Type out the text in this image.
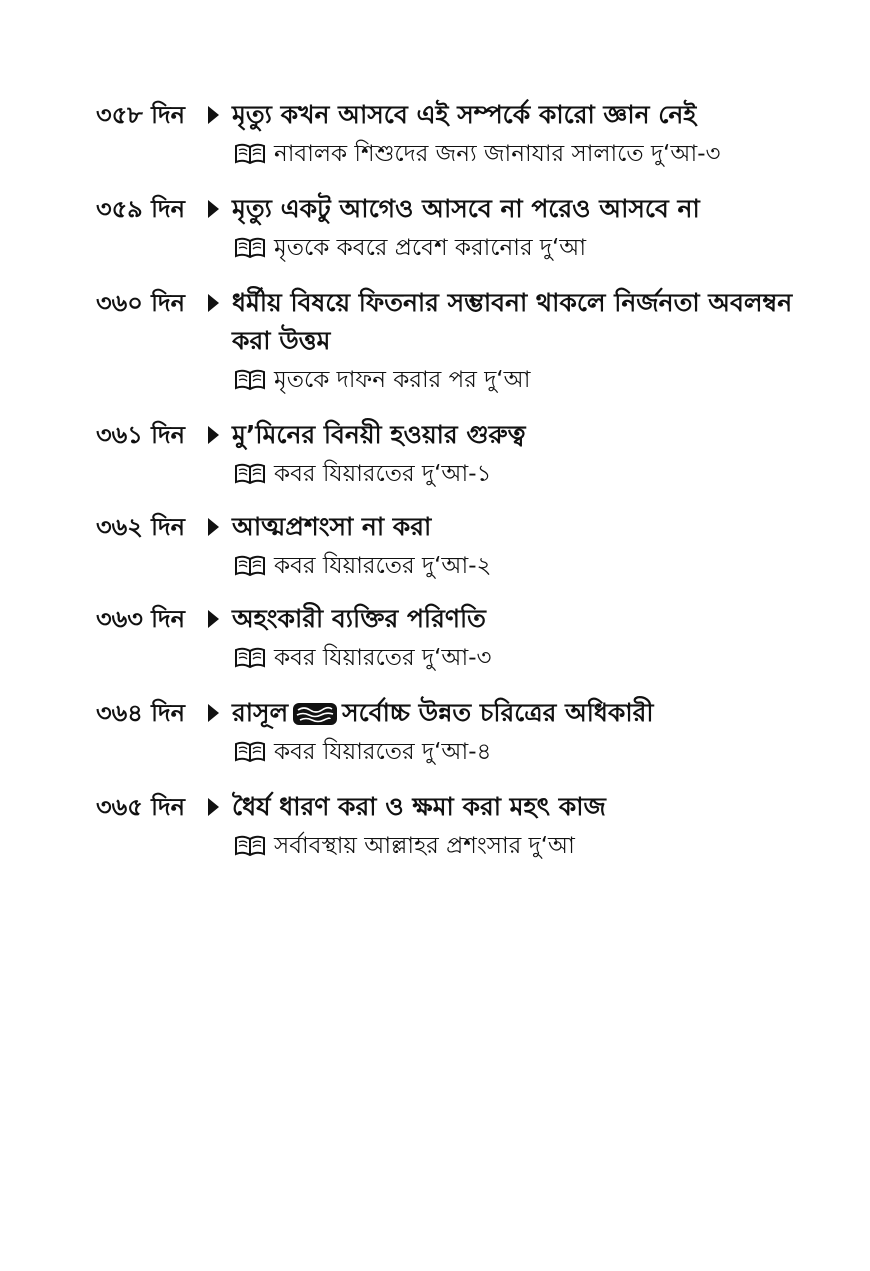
৩৫৮ দিন	মৃত্যু কখন আসবে এই সম্পর্কে কারো জ্ঞান নেই
নাবালক শিশুদের জন্য জানাযার সালাতে দু‘আ-৩
৩৫৯ দিন	মৃত্যু একটু আগেও আসবে না পরেও আসবে না
মৃতকে কবরে প্রবেশ করানোর দু‘আ
৩৬০ দিন	ধর্মীয় বিষয়ে ফিতনার সম্ভাবনা থাকলে নির্জনতা অবলম্বন করা উত্তম
মৃতকে দাফন করার পর দু‘আ
৩৬১ দিন	মু’মিনের বিনয়ী হওয়ার গুরুত্ব
কবর যিয়ারতের দু‘আ-১
৩৬২ দিন	আত্মপ্রশংসা না করা
কবর যিয়ারতের দু‘আ-২
৩৬৩ দিন	অহংকারী ব্যক্তির পরিণতি
কবর যিয়ারতের দু‘আ-৩
৩৬৪ দিন	রাসূল সর্বোচ্চ উন্নত চরিত্রের অধিকারী
কবর যিয়ারতের দু‘আ-৪
৩৬৫ দিন	ধৈর্য ধারণ করা ও ক্ষমা করা মহৎ কাজ
সর্বাবস্থায় আল্লাহর প্রশংসার দু‘আ
